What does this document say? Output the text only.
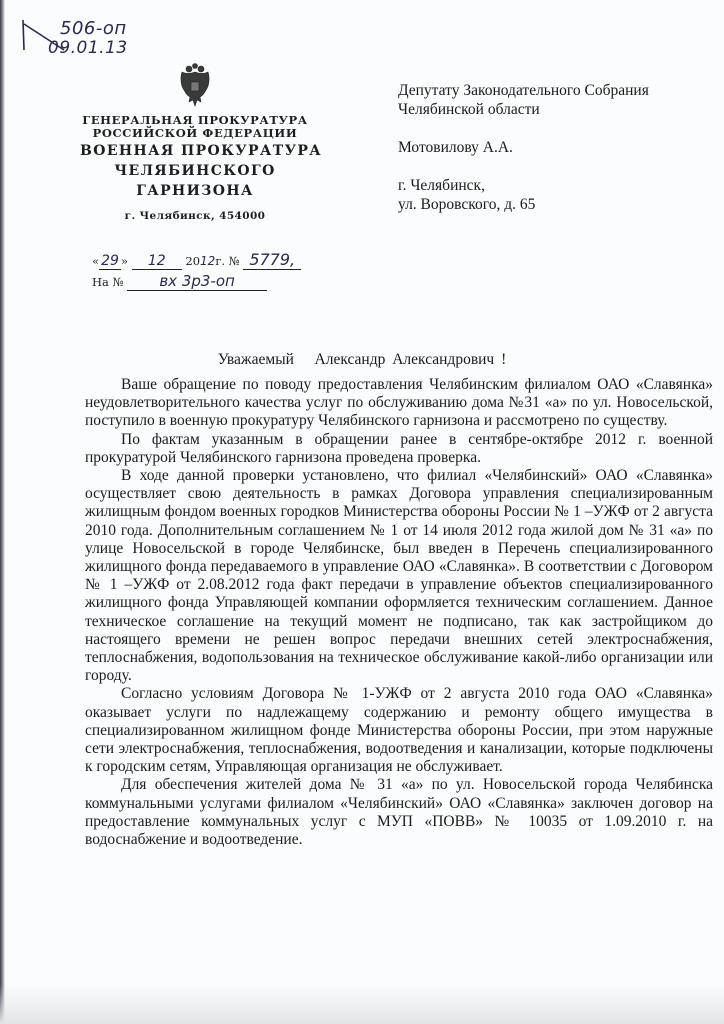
506-оп
09.01.13
ГЕНЕРАЛЬНАЯ ПРОКУРАТУРА
РОССИЙСКОЙ ФЕДЕРАЦИИ
ВОЕННАЯ ПРОКУРАТУРА
ЧЕЛЯБИНСКОГО
ГАРНИЗОНА
г. Челябинск, 454000
« 29 » 12 2012г. № 5779,
На № вх 3р3-оп
Депутату Законодательного Собрания
Челябинской области
Мотовилову А.А.
г. Челябинск,
ул. Воровского, д. 65
Уважаемый   Александр Александрович !

Ваше обращение по поводу предоставления Челябинским филиалом ОАО «Славянка» неудовлетворительного качества услуг по обслуживанию дома №31 «а» по ул. Новосельской, поступило в военную прокуратуру Челябинского гарнизона и рассмотрено по существу.

По фактам указанным в обращении ранее в сентябре-октябре 2012 г. военной прокуратурой Челябинского гарнизона проведена проверка.

В ходе данной проверки установлено, что филиал «Челябинский» ОАО «Славянка» осуществляет свою деятельность в рамках Договора управления специализированным жилищным фондом военных городков Министерства обороны России № 1 –УЖФ от 2 августа 2010 года. Дополнительным соглашением № 1 от 14 июля 2012 года жилой дом № 31 «а» по улице Новосельской в городе Челябинске, был введен в Перечень специализированного жилищного фонда передаваемого в управление ОАО «Славянка». В соответствии с Договором № 1 –УЖФ от 2.08.2012 года факт передачи в управление объектов специализированного жилищного фонда Управляющей компании оформляется техническим соглашением. Данное техническое соглашение на текущий момент не подписано, так как застройщиком до настоящего времени не решен вопрос передачи внешних сетей электроснабжения, теплоснабжения, водопользования на техническое обслуживание какой-либо организации или городу.

Согласно условиям Договора № 1-УЖФ от 2 августа 2010 года ОАО «Славянка» оказывает услуги по надлежащему содержанию и ремонту общего имущества в специализированном жилищном фонде Министерства обороны России, при этом наружные сети электроснабжения, теплоснабжения, водоотведения и канализации, которые подключены к городским сетям, Управляющая организация не обслуживает.

Для обеспечения жителей дома № 31 «а» по ул. Новосельской города Челябинска коммунальными услугами филиалом «Челябинский» ОАО «Славянка» заключен договор на предоставление коммунальных услуг с МУП «ПОВВ» № 10035 от 1.09.2010 г. на водоснабжение и водоотведение.
